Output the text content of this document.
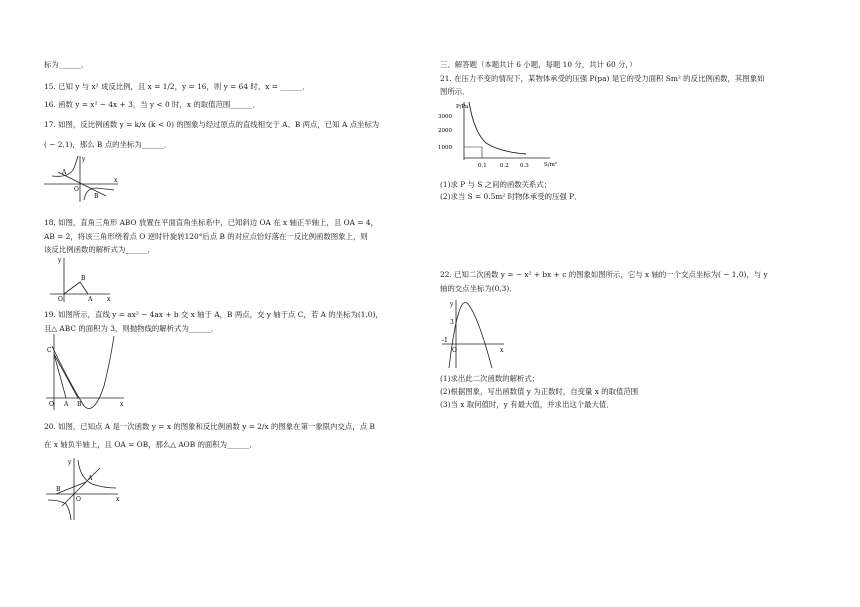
标为______．
15. 已知 y 与 x² 成反比例，且 x = 1/2，y = 16，则 y = 64 时，x = ______．
16. 函数 y = x² − 4x + 3，当 y < 0 时，x 的取值范围______．
17. 如图，反比例函数 y = k/x (k < 0) 的图象与经过原点的直线相交于 A、B 两点，已知 A 点坐标为
( − 2,1)，那么 B 点的坐标为______．
A
B
O
x
y
18. 如图，直角三角形 ABO 放置在平面直角坐标系中，已知斜边 OA 在 x 轴正半轴上，且 OA = 4，
AB = 2，将该三角形绕着点 O 逆时针旋转120°后点 B 的对应点恰好落在一反比例函数图象上，则
该反比例函数的解析式为______．
y
B
O	A x
19. 如图所示，直线 y = ax² − 4ax + b 交 x 轴于 A，B 两点，交 y 轴于点 C，若 A 的坐标为(1,0)，
且△ ABC 的面积为 3，则抛物线的解析式为______．
C
O A B	x
20. 如图，已知点 A 是一次函数 y = x 的图象和反比例函数 y = 2/x 的图象在第一象限内交点，点 B
在 x 轴负半轴上，且 OA = OB，那么△ AOB 的面积为______．
y
A
B
O	x
三、解答题（本题共计 6 小题，每题 10 分，共计 60 分，）
21. 在压力不变的情况下，某物体承受的压强 P(pa) 是它的受力面积 Sm² 的反比例函数，其图象如
图所示．
P/Pa
3000
2000
1000
0.1 0.2 0.3	S/m²
(1)求 P 与 S 之间的函数关系式；
(2)求当 S = 0.5m² 时物体承受的压强 P．
22. 已知二次函数 y = − x² + bx + c 的图象如图所示，它与 x 轴的一个交点坐标为( − 1,0)，与 y
轴的交点坐标为(0,3)．
y
3
-1
O	x
(1)求出此二次函数的解析式；
(2)根据图象，写出函数值 y 为正数时，自变量 x 的取值范围
(3)当 x 取何值时，y 有最大值，并求出这个最大值．
